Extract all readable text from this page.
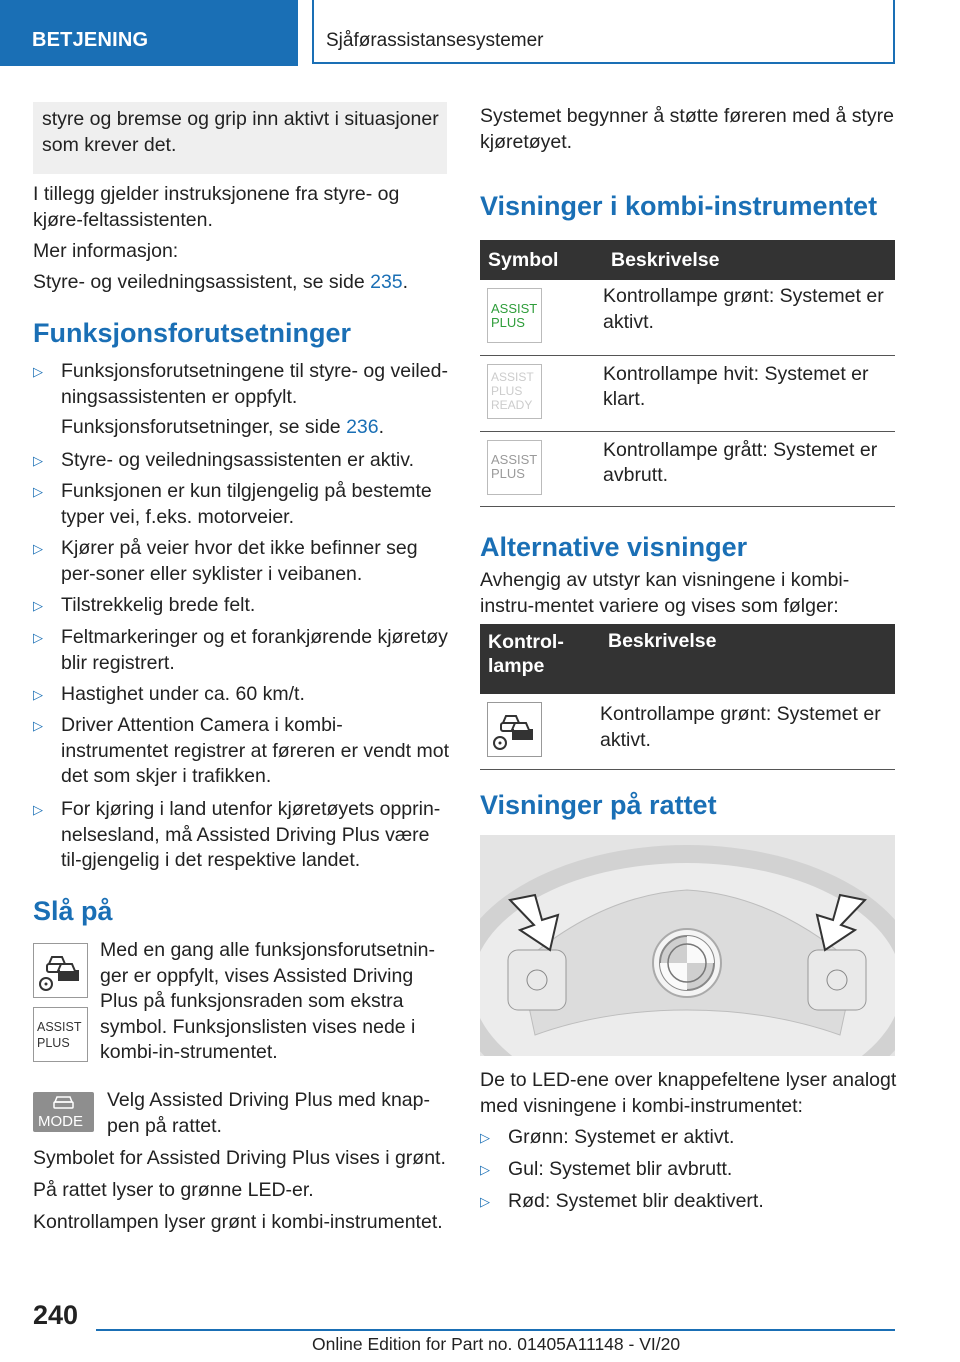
BETJENING	Sjåførassistansesystemer
styre og bremse og grip inn aktivt i situasjoner som krever det.
I tillegg gjelder instruksjonene fra styre- og kjøre-feltassistenten.
Mer informasjon:
Styre- og veiledningsassistent, se side 235.
Funksjonsforutsetninger
▷ Funksjonsforutsetningene til styre- og veiled-ningsassistenten er oppfylt.
Funksjonsforutsetninger, se side 236.
▷ Styre- og veiledningsassistenten er aktiv.
▷ Funksjonen er kun tilgjengelig på bestemte typer vei, f.eks. motorveier.
▷ Kjører på veier hvor det ikke befinner seg per-soner eller syklister i veibanen.
▷ Tilstrekkelig brede felt.
▷ Feltmarkeringer og et forankjørende kjøretøy blir registrert.
▷ Hastighet under ca. 60 km/t.
▷ Driver Attention Camera i kombi-instrumentet registrer at føreren er vendt mot det som skjer i trafikken.
▷ For kjøring i land utenfor kjøretøyets opprin-nelsesland, må Assisted Driving Plus være til-gjengelig i det respektive landet.
Slå på
ASSIST
PLUS
Med en gang alle funksjonsforutsetnin-ger er oppfylt, vises Assisted Driving Plus på funksjonsraden som ekstra symbol. Funksjonslisten vises nede i kombi-in-strumentet.
MODE
Velg Assisted Driving Plus med knap-pen på rattet.
Symbolet for Assisted Driving Plus vises i grønt.
På rattet lyser to grønne LED-er.
Kontrollampen lyser grønt i kombi-instrumentet.
Systemet begynner å støtte føreren med å styre kjøretøyet.
Visninger i kombi-instrumentet
Symbol	Beskrivelse

ASSIST PLUS	Kontrollampe grønt: Systemet er aktivt.

ASSIST PLUS READY	Kontrollampe hvit: Systemet er klart.

ASSIST PLUS	Kontrollampe grått: Systemet er avbrutt.
Alternative visninger
Avhengig av utstyr kan visningene i kombi-instru-mentet variere og vises som følger:
Kontrol-lampe	Beskrivelse

	Kontrollampe grønt: Systemet er aktivt.
Visninger på rattet
De to LED-ene over knappefeltene lyser analogt med visningene i kombi-instrumentet:
▷ Grønn: Systemet er aktivt.
▷ Gul: Systemet blir avbrutt.
▷ Rød: Systemet blir deaktivert.
240
Online Edition for Part no. 01405A11148 - VI/20
